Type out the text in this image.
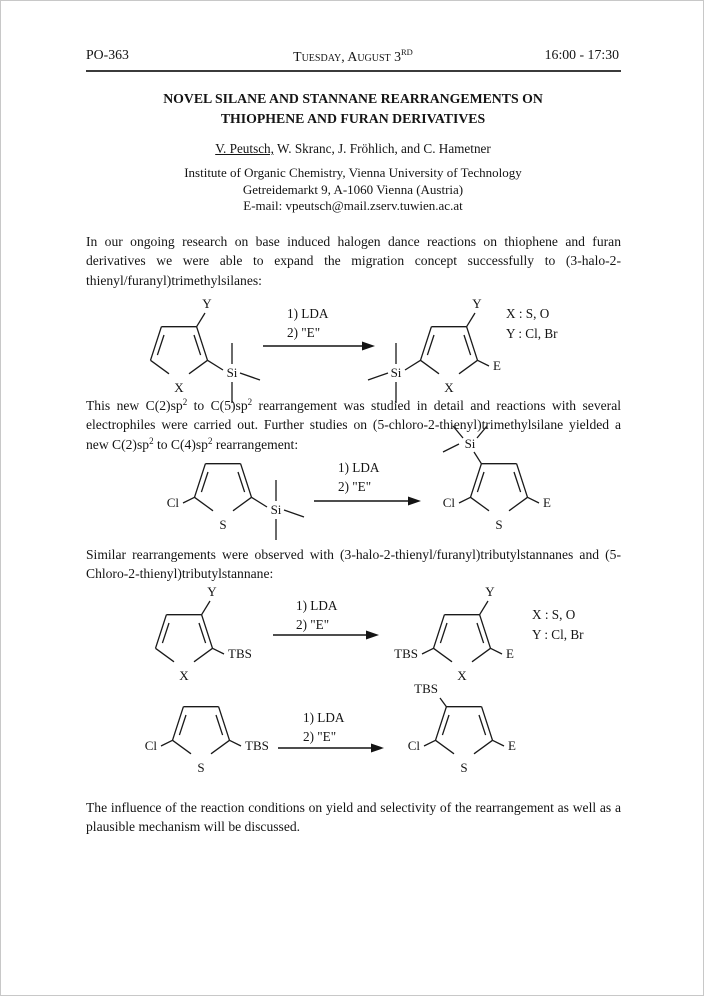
PO-363	Tuesday, August 3RD	16:00 - 17:30
NOVEL SILANE AND STANNANE REARRANGEMENTS ON
THIOPHENE AND FURAN DERIVATIVES
V. Peutsch, W. Skranc, J. Fröhlich, and C. Hametner
Institute of Organic Chemistry, Vienna University of Technology
Getreidemarkt 9, A-1060 Vienna (Austria)
E-mail: vpeutsch@mail.zserv.tuwien.ac.at

In our ongoing research on base induced halogen dance reactions on thiophene and furan derivatives we were able to expand the migration concept successfully to (3-halo-2-thienyl/furanyl)trimethylsilanes:

This new $C(2)sp^2$ to $C(5)sp^2$ rearrangement was studied in detail and reactions with several electrophiles were carried out. Further studies on (5-chloro-2-thienyl)trimethylsilane yielded a new $C(2)sp^2$ to $C(4)sp^2$ rearrangement:

Similar rearrangements were observed with (3-halo-2-thienyl/furanyl)tributylstannanes and (5-Chloro-2-thienyl)tributylstannane:

The influence of the reaction conditions on yield and selectivity of the rearrangement as well as a plausible mechanism will be discussed.

1) LDA
2) "E"
1) LDA
2) "E"
1) LDA
2) "E"
1) LDA
2) "E"
X : S, O
Y : Cl, Br
X : S, O
Y : Cl, Br
X
Y
Si
X
Y
E
Si
S
Cl	Si
S
Cl	E
Si
X
Y
TBS
X
TBS
Y
E
S
Cl	TBS
S
TBS
Cl	E
